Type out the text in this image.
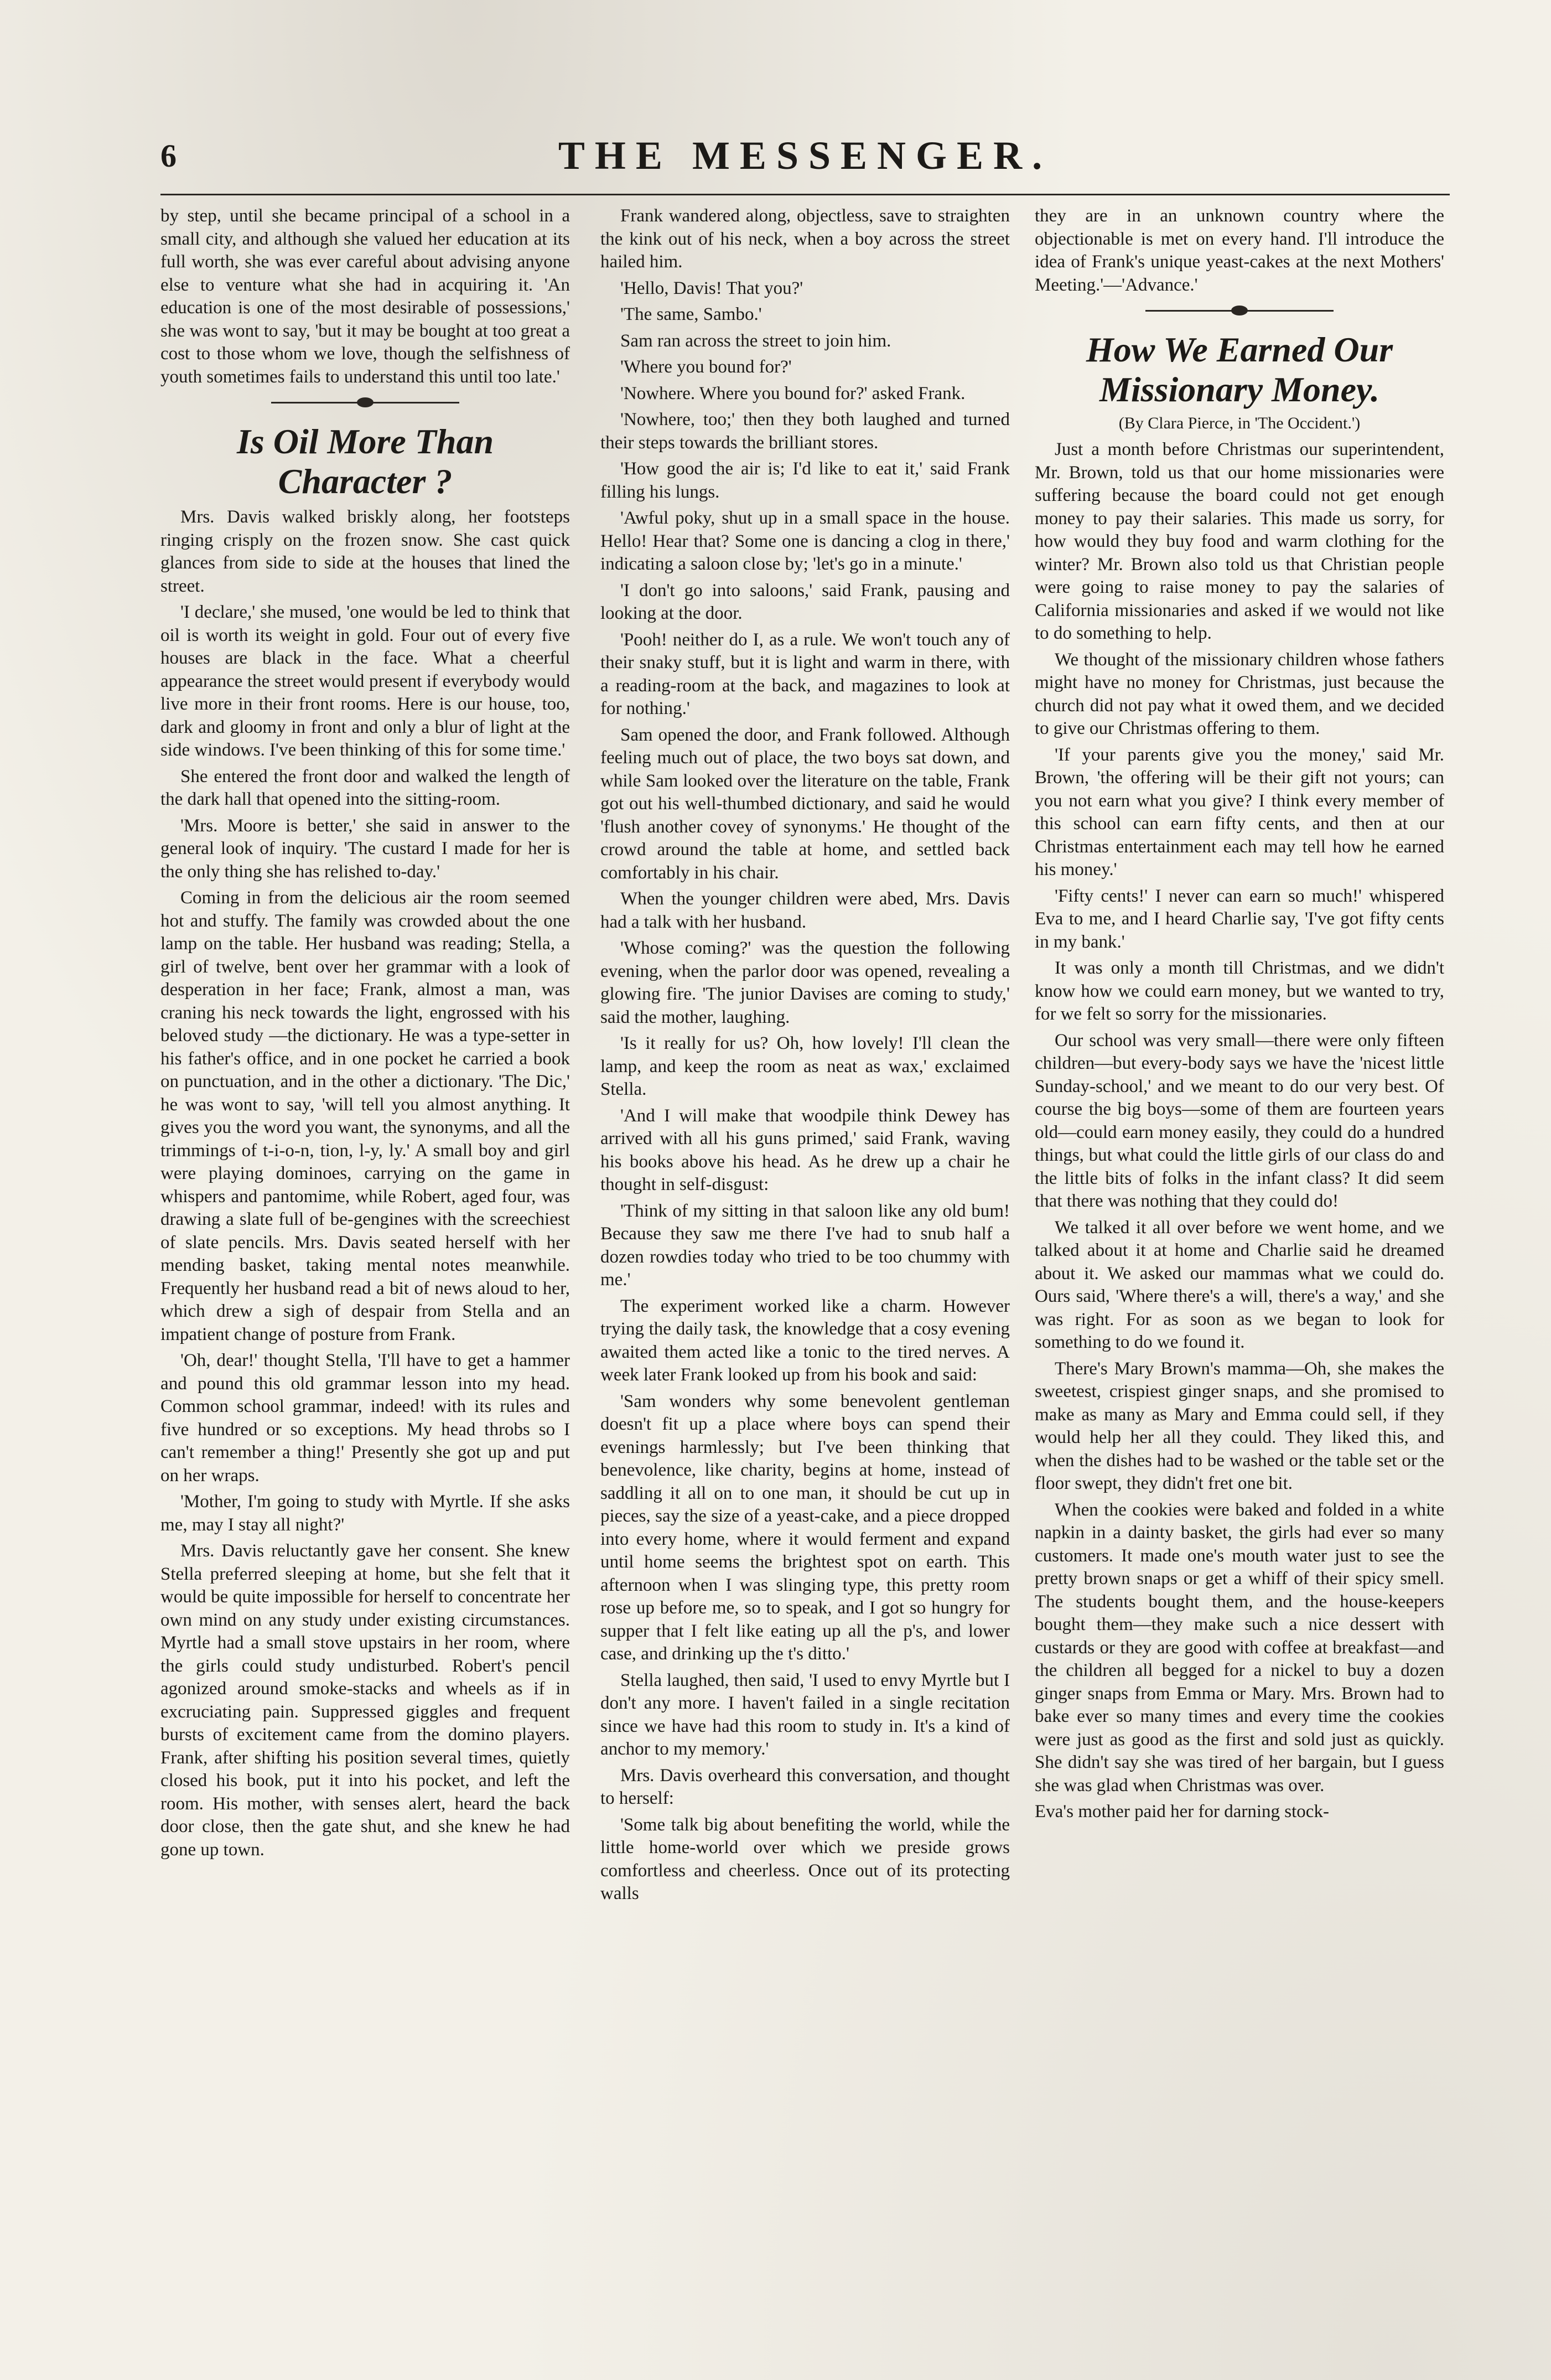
6	THE MESSENGER.

by step, until she became principal of a school in a small city, and although she valued her education at its full worth, she was ever careful about advising anyone else to venture what she had in acquiring it. 'An education is one of the most desirable of possessions,' she was wont to say, 'but it may be bought at too great a cost to those whom we love, though the selfishness of youth sometimes fails to understand this until too late.'

Is Oil More Than Character ?

Mrs. Davis walked briskly along, her footsteps ringing crisply on the frozen snow. She cast quick glances from side to side at the houses that lined the street.

'I declare,' she mused, 'one would be led to think that oil is worth its weight in gold. Four out of every five houses are black in the face. What a cheerful appearance the street would present if everybody would live more in their front rooms. Here is our house, too, dark and gloomy in front and only a blur of light at the side windows. I've been thinking of this for some time.'

She entered the front door and walked the length of the dark hall that opened into the sitting-room.

'Mrs. Moore is better,' she said in answer to the general look of inquiry. 'The custard I made for her is the only thing she has relished to-day.'

Coming in from the delicious air the room seemed hot and stuffy. The family was crowded about the one lamp on the table. Her husband was reading; Stella, a girl of twelve, bent over her grammar with a look of desperation in her face; Frank, almost a man, was craning his neck towards the light, engrossed with his beloved study —the dictionary. He was a type-setter in his father's office, and in one pocket he carried a book on punctuation, and in the other a dictionary. 'The Dic,' he was wont to say, 'will tell you almost anything. It gives you the word you want, the synonyms, and all the trimmings of t-i-o-n, tion, l-y, ly.' A small boy and girl were playing dominoes, carrying on the game in whispers and pantomime, while Robert, aged four, was drawing a slate full of be-gengines with the screechiest of slate pencils. Mrs. Davis seated herself with her mending basket, taking mental notes meanwhile. Frequently her husband read a bit of news aloud to her, which drew a sigh of despair from Stella and an impatient change of posture from Frank.

'Oh, dear!' thought Stella, 'I'll have to get a hammer and pound this old grammar lesson into my head. Common school grammar, indeed! with its rules and five hundred or so exceptions. My head throbs so I can't remember a thing!' Presently she got up and put on her wraps.

'Mother, I'm going to study with Myrtle. If she asks me, may I stay all night?'

Mrs. Davis reluctantly gave her consent. She knew Stella preferred sleeping at home, but she felt that it would be quite impossible for herself to concentrate her own mind on any study under existing circumstances. Myrtle had a small stove upstairs in her room, where the girls could study undisturbed. Robert's pencil agonized around smoke-stacks and wheels as if in excruciating pain. Suppressed giggles and frequent bursts of excitement came from the domino players. Frank, after shifting his position several times, quietly closed his book, put it into his pocket, and left the room. His mother, with senses alert, heard the back door close, then the gate shut, and she knew he had gone up town.

Frank wandered along, objectless, save to straighten the kink out of his neck, when a boy across the street hailed him.

'Hello, Davis! That you?'

'The same, Sambo.'

Sam ran across the street to join him.

'Where you bound for?'

'Nowhere. Where you bound for?' asked Frank.

'Nowhere, too;' then they both laughed and turned their steps towards the brilliant stores.

'How good the air is; I'd like to eat it,' said Frank filling his lungs.

'Awful poky, shut up in a small space in the house. Hello! Hear that? Some one is dancing a clog in there,' indicating a saloon close by; 'let's go in a minute.'

'I don't go into saloons,' said Frank, pausing and looking at the door.

'Pooh! neither do I, as a rule. We won't touch any of their snaky stuff, but it is light and warm in there, with a reading-room at the back, and magazines to look at for nothing.'

Sam opened the door, and Frank followed. Although feeling much out of place, the two boys sat down, and while Sam looked over the literature on the table, Frank got out his well-thumbed dictionary, and said he would 'flush another covey of synonyms.' He thought of the crowd around the table at home, and settled back comfortably in his chair.

When the younger children were abed, Mrs. Davis had a talk with her husband.

'Whose coming?' was the question the following evening, when the parlor door was opened, revealing a glowing fire. 'The junior Davises are coming to study,' said the mother, laughing.

'Is it really for us? Oh, how lovely! I'll clean the lamp, and keep the room as neat as wax,' exclaimed Stella.

'And I will make that woodpile think Dewey has arrived with all his guns primed,' said Frank, waving his books above his head. As he drew up a chair he thought in self-disgust:

'Think of my sitting in that saloon like any old bum! Because they saw me there I've had to snub half a dozen rowdies today who tried to be too chummy with me.'

The experiment worked like a charm. However trying the daily task, the knowledge that a cosy evening awaited them acted like a tonic to the tired nerves. A week later Frank looked up from his book and said:

'Sam wonders why some benevolent gentleman doesn't fit up a place where boys can spend their evenings harmlessly; but I've been thinking that benevolence, like charity, begins at home, instead of saddling it all on to one man, it should be cut up in pieces, say the size of a yeast-cake, and a piece dropped into every home, where it would ferment and expand until home seems the brightest spot on earth. This afternoon when I was slinging type, this pretty room rose up before me, so to speak, and I got so hungry for supper that I felt like eating up all the p's, and lower case, and drinking up the t's ditto.'

Stella laughed, then said, 'I used to envy Myrtle but I don't any more. I haven't failed in a single recitation since we have had this room to study in. It's a kind of anchor to my memory.'

Mrs. Davis overheard this conversation, and thought to herself:

'Some talk big about benefiting the world, while the little home-world over which we preside grows comfortless and cheerless. Once out of its protecting walls

they are in an unknown country where the objectionable is met on every hand. I'll introduce the idea of Frank's unique yeast-cakes at the next Mothers' Meeting.'—'Advance.'

How We Earned Our Missionary Money.
(By Clara Pierce, in 'The Occident.')

Just a month before Christmas our superintendent, Mr. Brown, told us that our home missionaries were suffering because the board could not get enough money to pay their salaries. This made us sorry, for how would they buy food and warm clothing for the winter? Mr. Brown also told us that Christian people were going to raise money to pay the salaries of California missionaries and asked if we would not like to do something to help.

We thought of the missionary children whose fathers might have no money for Christmas, just because the church did not pay what it owed them, and we decided to give our Christmas offering to them.

'If your parents give you the money,' said Mr. Brown, 'the offering will be their gift not yours; can you not earn what you give? I think every member of this school can earn fifty cents, and then at our Christmas entertainment each may tell how he earned his money.'

'Fifty cents!' I never can earn so much!' whispered Eva to me, and I heard Charlie say, 'I've got fifty cents in my bank.'

It was only a month till Christmas, and we didn't know how we could earn money, but we wanted to try, for we felt so sorry for the missionaries.

Our school was very small—there were only fifteen children—but every-body says we have the 'nicest little Sunday-school,' and we meant to do our very best. Of course the big boys—some of them are fourteen years old—could earn money easily, they could do a hundred things, but what could the little girls of our class do and the little bits of folks in the infant class? It did seem that there was nothing that they could do!

We talked it all over before we went home, and we talked about it at home and Charlie said he dreamed about it. We asked our mammas what we could do. Ours said, 'Where there's a will, there's a way,' and she was right. For as soon as we began to look for something to do we found it.

There's Mary Brown's mamma—Oh, she makes the sweetest, crispiest ginger snaps, and she promised to make as many as Mary and Emma could sell, if they would help her all they could. They liked this, and when the dishes had to be washed or the table set or the floor swept, they didn't fret one bit.

When the cookies were baked and folded in a white napkin in a dainty basket, the girls had ever so many customers. It made one's mouth water just to see the pretty brown snaps or get a whiff of their spicy smell. The students bought them, and the house-keepers bought them—they make such a nice dessert with custards or they are good with coffee at breakfast—and the children all begged for a nickel to buy a dozen ginger snaps from Emma or Mary. Mrs. Brown had to bake ever so many times and every time the cookies were just as good as the first and sold just as quickly. She didn't say she was tired of her bargain, but I guess she was glad when Christmas was over.

Eva's mother paid her for darning stock-
